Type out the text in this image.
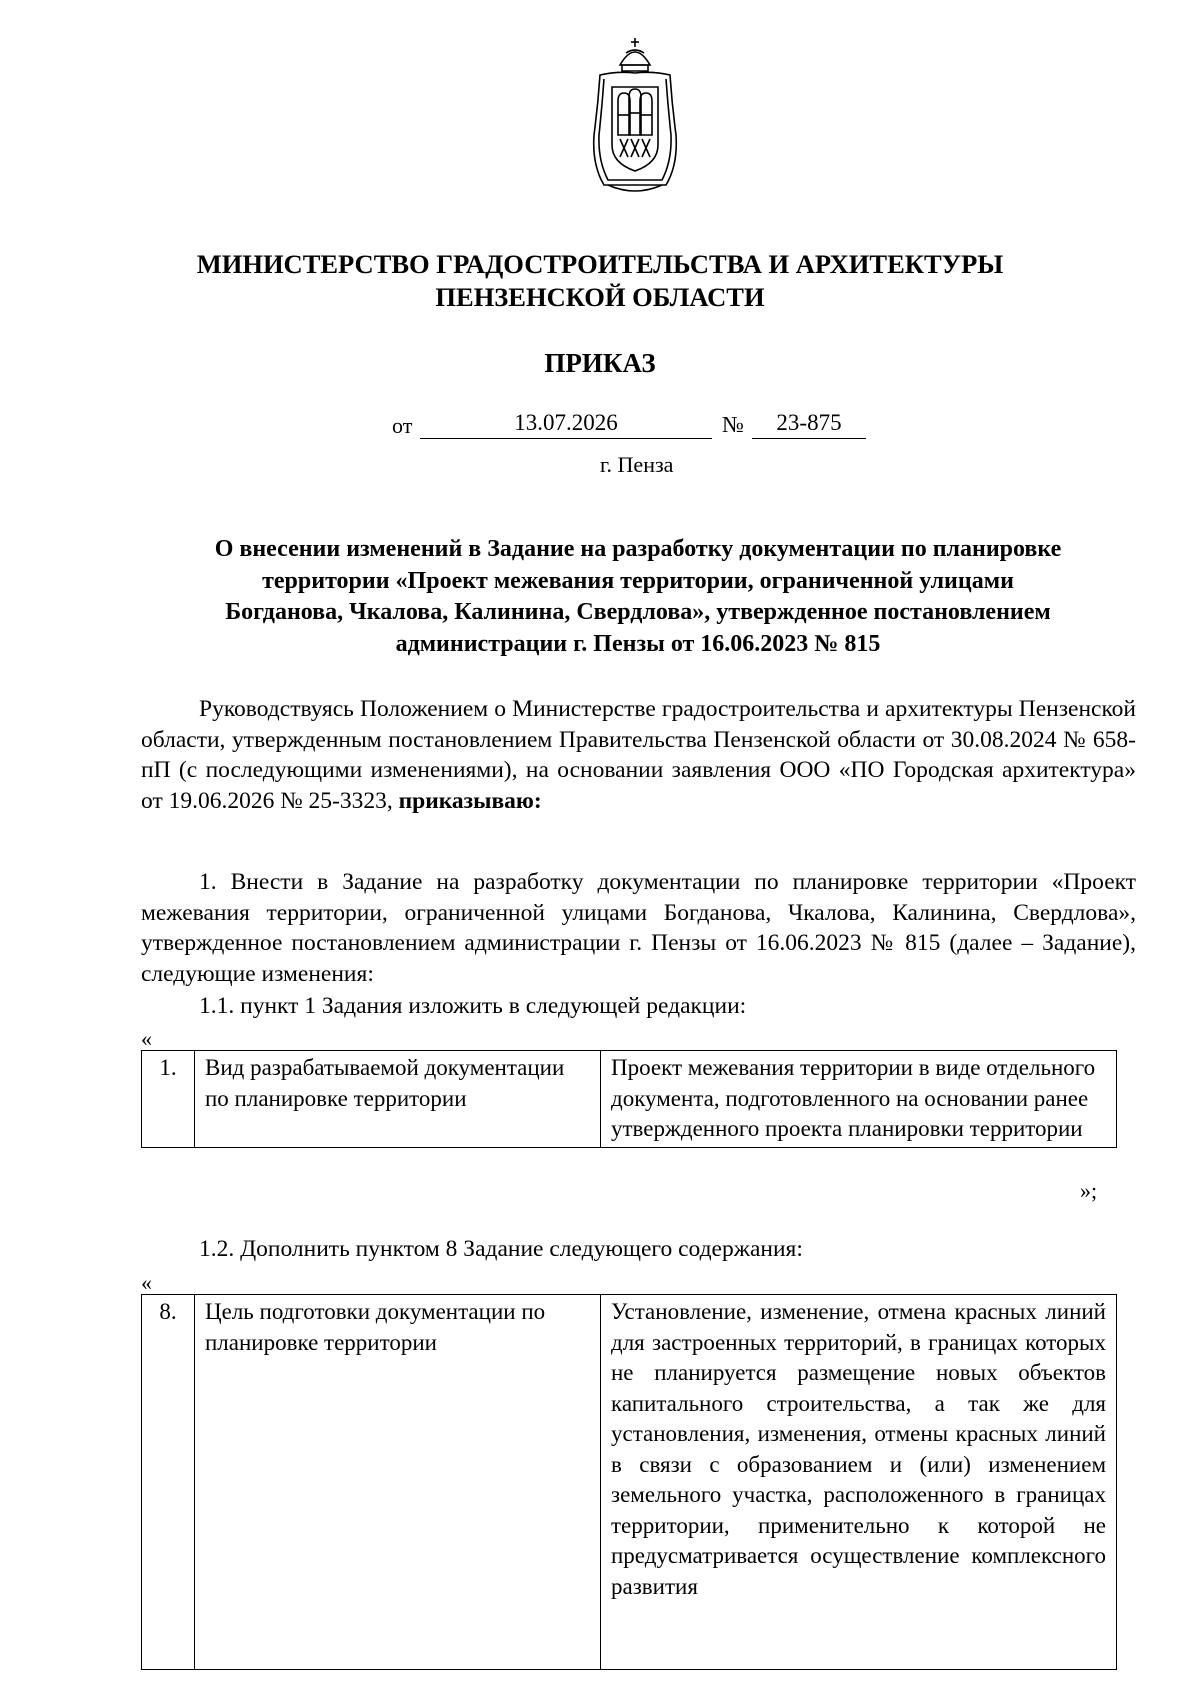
МИНИСТЕРСТВО ГРАДОСТРОИТЕЛЬСТВА И АРХИТЕКТУРЫ
ПЕНЗЕНСКОЙ ОБЛАСТИ
ПРИКАЗ
от	13.07.2026	№	23-875
г. Пенза
О внесении изменений в Задание на разработку документации по планировке
территории «Проект межевания территории, ограниченной улицами
Богданова, Чкалова, Калинина, Свердлова», утвержденное постановлением
администрации г. Пензы от 16.06.2023 № 815
Руководствуясь Положением о Министерстве градостроительства и архитектуры Пензенской области, утвержденным постановлением Правительства Пензенской области от 30.08.2024 № 658-пП (с последующими изменениями), на основании заявления ООО «ПО Городская архитектура» от 19.06.2026 № 25-3323, приказываю:
1. Внести в Задание на разработку документации по планировке территории «Проект межевания территории, ограниченной улицами Богданова, Чкалова, Калинина, Свердлова», утвержденное постановлением администрации г. Пензы от 16.06.2023 № 815 (далее – Задание), следующие изменения:
1.1. пункт 1 Задания изложить в следующей редакции:
«
1.	Вид разрабатываемой документации по планировке территории	Проект межевания территории в виде отдельного документа, подготовленного на основании ранее утвержденного проекта планировки территории
»;
1.2. Дополнить пунктом 8 Задание следующего содержания:
«
8.	Цель подготовки документации по планировке территории	Установление, изменение, отмена красных линий для застроенных территорий, в границах которых не планируется размещение новых объектов капитального строительства, а так же для установления, изменения, отмены красных линий в связи с образованием и (или) изменением земельного участка, расположенного в границах территории, применительно к которой не предусматривается осуществление комплексного развития
